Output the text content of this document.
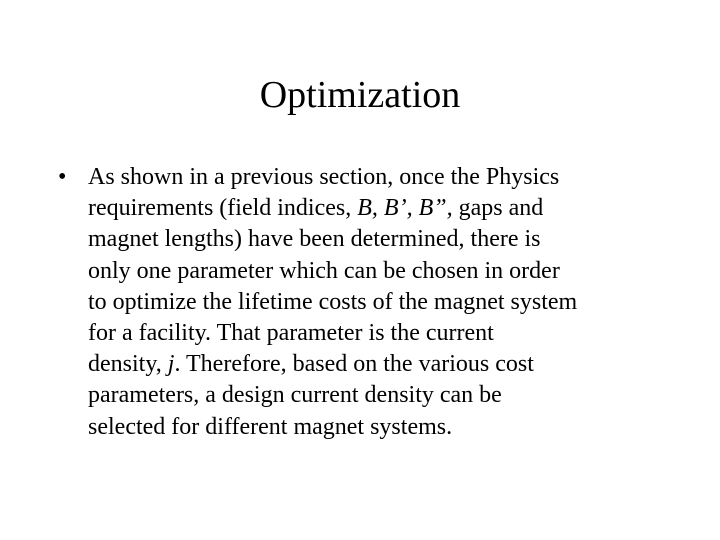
Optimization
• As shown in a previous section, once the Physics
requirements (field indices, B, B’, B”, gaps and
magnet lengths) have been determined, there is
only one parameter which can be chosen in order
to optimize the lifetime costs of the magnet system
for a facility. That parameter is the current
density, j. Therefore, based on the various cost
parameters, a design current density can be
selected for different magnet systems.
